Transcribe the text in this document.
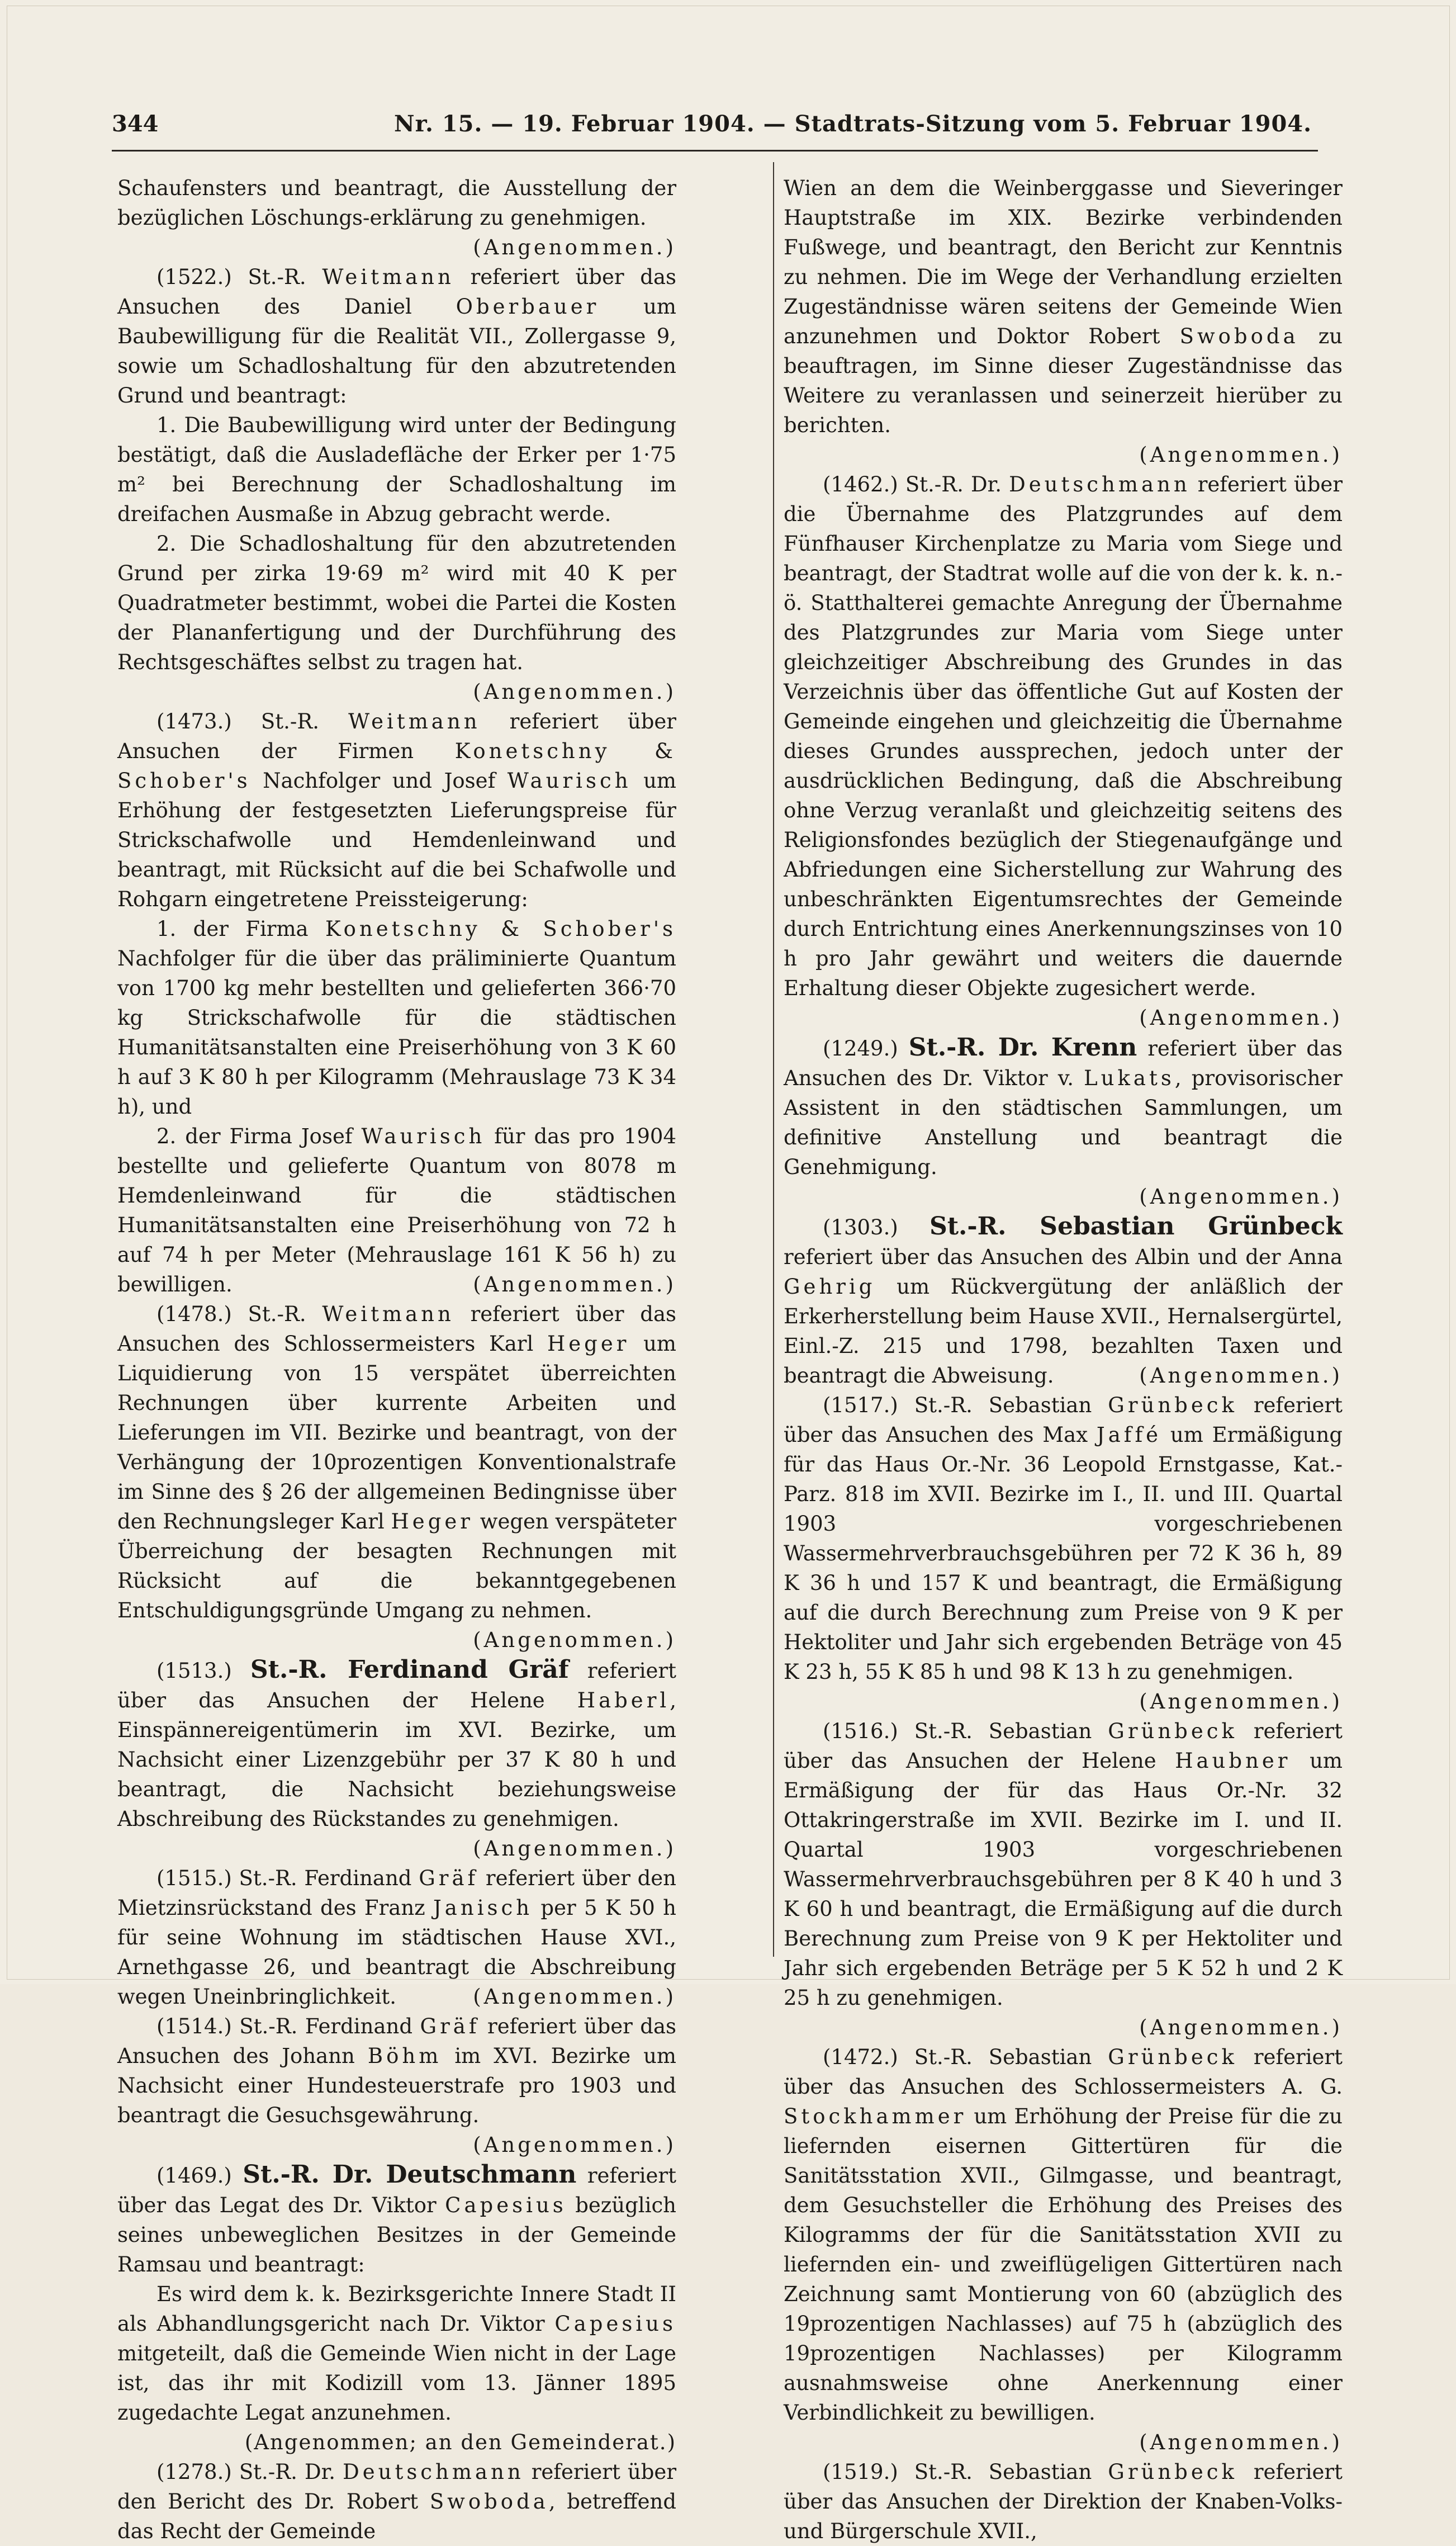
344	Nr. 15. — 19. Februar 1904. — Stadtrats-Sitzung vom 5. Februar 1904.

Schaufensters und beantragt, die Ausstellung der bezüglichen Löschungs-erklärung zu genehmigen.
(Angenommen.)

(1522.) St.-R. Weitmann referiert über das Ansuchen des Daniel Oberbauer um Baubewilligung für die Realität VII., Zollergasse 9, sowie um Schadloshaltung für den abzutretenden Grund und beantragt:

1. Die Baubewilligung wird unter der Bedingung bestätigt, daß die Ausladefläche der Erker per 1·75 m² bei Berechnung der Schadloshaltung im dreifachen Ausmaße in Abzug gebracht werde.

2. Die Schadloshaltung für den abzutretenden Grund per zirka 19·69 m² wird mit 40 K per Quadratmeter bestimmt, wobei die Partei die Kosten der Plananfertigung und der Durchführung des Rechtsgeschäftes selbst zu tragen hat.
(Angenommen.)

(1473.) St.-R. Weitmann referiert über Ansuchen der Firmen Konetschny & Schober's Nachfolger und Josef Waurisch um Erhöhung der festgesetzten Lieferungspreise für Strickschafwolle und Hemdenleinwand und beantragt, mit Rücksicht auf die bei Schafwolle und Rohgarn eingetretene Preissteigerung:

1. der Firma Konetschny & Schober's Nachfolger für die über das präliminierte Quantum von 1700 kg mehr bestellten und gelieferten 366·70 kg Strickschafwolle für die städtischen Humanitätsanstalten eine Preiserhöhung von 3 K 60 h auf 3 K 80 h per Kilogramm (Mehrauslage 73 K 34 h), und

2. der Firma Josef Waurisch für das pro 1904 bestellte und gelieferte Quantum von 8078 m Hemdenleinwand für die städtischen Humanitätsanstalten eine Preiserhöhung von 72 h auf 74 h per Meter (Mehrauslage 161 K 56 h) zu bewilligen.	(Angenommen.)

(1478.) St.-R. Weitmann referiert über das Ansuchen des Schlossermeisters Karl Heger um Liquidierung von 15 verspätet überreichten Rechnungen über kurrente Arbeiten und Lieferungen im VII. Bezirke und beantragt, von der Verhängung der 10prozentigen Konventionalstrafe im Sinne des § 26 der allgemeinen Bedingnisse über den Rechnungsleger Karl Heger wegen verspäteter Überreichung der besagten Rechnungen mit Rücksicht auf die bekanntgegebenen Entschuldigungsgründe Umgang zu nehmen.
(Angenommen.)

(1513.) St.-R. Ferdinand Gräf referiert über das Ansuchen der Helene Haberl, Einspännereigentümerin im XVI. Bezirke, um Nachsicht einer Lizenzgebühr per 37 K 80 h und beantragt, die Nachsicht beziehungsweise Abschreibung des Rückstandes zu genehmigen.

(Angenommen.)

(1515.) St.-R. Ferdinand Gräf referiert über den Mietzinsrückstand des Franz Janisch per 5 K 50 h für seine Wohnung im städtischen Hause XVI., Arnethgasse 26, und beantragt die Abschreibung wegen Uneinbringlichkeit.	(Angenommen.)

(1514.) St.-R. Ferdinand Gräf referiert über das Ansuchen des Johann Böhm im XVI. Bezirke um Nachsicht einer Hundesteuerstrafe pro 1903 und beantragt die Gesuchsgewährung.

(Angenommen.)

(1469.) St.-R. Dr. Deutschmann referiert über das Legat des Dr. Viktor Capesius bezüglich seines unbeweglichen Besitzes in der Gemeinde Ramsau und beantragt:

Es wird dem k. k. Bezirksgerichte Innere Stadt II als Abhandlungsgericht nach Dr. Viktor Capesius mitgeteilt, daß die Gemeinde Wien nicht in der Lage ist, das ihr mit Kodizill vom 13. Jänner 1895 zugedachte Legat anzunehmen.

(Angenommen; an den Gemeinderat.)

(1278.) St.-R. Dr. Deutschmann referiert über den Bericht des Dr. Robert Swoboda, betreffend das Recht der Gemeinde

Wien an dem die Weinberggasse und Sieveringer Hauptstraße im XIX. Bezirke verbindenden Fußwege, und beantragt, den Bericht zur Kenntnis zu nehmen. Die im Wege der Verhandlung erzielten Zugeständnisse wären seitens der Gemeinde Wien anzunehmen und Doktor Robert Swoboda zu beauftragen, im Sinne dieser Zugeständnisse das Weitere zu veranlassen und seinerzeit hierüber zu berichten.

(Angenommen.)

(1462.) St.-R. Dr. Deutschmann referiert über die Übernahme des Platzgrundes auf dem Fünfhauser Kirchenplatze zu Maria vom Siege und beantragt, der Stadtrat wolle auf die von der k. k. n.-ö. Statthalterei gemachte Anregung der Übernahme des Platzgrundes zur Maria vom Siege unter gleichzeitiger Abschreibung des Grundes in das Verzeichnis über das öffentliche Gut auf Kosten der Gemeinde eingehen und gleichzeitig die Übernahme dieses Grundes aussprechen, jedoch unter der ausdrücklichen Bedingung, daß die Abschreibung ohne Verzug veranlaßt und gleichzeitig seitens des Religionsfondes bezüglich der Stiegenaufgänge und Abfriedungen eine Sicherstellung zur Wahrung des unbeschränkten Eigentumsrechtes der Gemeinde durch Entrichtung eines Anerkennungszinses von 10 h pro Jahr gewährt und weiters die dauernde Erhaltung dieser Objekte zugesichert werde.
(Angenommen.)

(1249.) St.-R. Dr. Krenn referiert über das Ansuchen des Dr. Viktor v. Lukats, provisorischer Assistent in den städtischen Sammlungen, um definitive Anstellung und beantragt die Genehmigung.

(Angenommen.)

(1303.) St.-R. Sebastian Grünbeck referiert über das Ansuchen des Albin und der Anna Gehrig um Rückvergütung der anläßlich der Erkerherstellung beim Hause XVII., Hernalsergürtel, Einl.-Z. 215 und 1798, bezahlten Taxen und beantragt die Abweisung.	(Angenommen.)

(1517.) St.-R. Sebastian Grünbeck referiert über das Ansuchen des Max Jaffé um Ermäßigung für das Haus Or.-Nr. 36 Leopold Ernstgasse, Kat.-Parz. 818 im XVII. Bezirke im I., II. und III. Quartal 1903 vorgeschriebenen Wassermehrverbrauchsgebühren per 72 K 36 h, 89 K 36 h und 157 K und beantragt, die Ermäßigung auf die durch Berechnung zum Preise von 9 K per Hektoliter und Jahr sich ergebenden Beträge von 45 K 23 h, 55 K 85 h und 98 K 13 h zu genehmigen.
(Angenommen.)

(1516.) St.-R. Sebastian Grünbeck referiert über das Ansuchen der Helene Haubner um Ermäßigung der für das Haus Or.-Nr. 32 Ottakringerstraße im XVII. Bezirke im I. und II. Quartal 1903 vorgeschriebenen Wassermehrverbrauchsgebühren per 8 K 40 h und 3 K 60 h und beantragt, die Ermäßigung auf die durch Berechnung zum Preise von 9 K per Hektoliter und Jahr sich ergebenden Beträge per 5 K 52 h und 2 K 25 h zu genehmigen.

(Angenommen.)

(1472.) St.-R. Sebastian Grünbeck referiert über das Ansuchen des Schlossermeisters A. G. Stockhammer um Erhöhung der Preise für die zu liefernden eisernen Gittertüren für die Sanitätsstation XVII., Gilmgasse, und beantragt, dem Gesuchsteller die Erhöhung des Preises des Kilogramms der für die Sanitätsstation XVII zu liefernden ein- und zweiflügeligen Gittertüren nach Zeichnung samt Montierung von 60 (abzüglich des 19prozentigen Nachlasses) auf 75 h (abzüglich des 19prozentigen Nachlasses) per Kilogramm ausnahmsweise ohne Anerkennung einer Verbindlichkeit zu bewilligen.

(Angenommen.)

(1519.) St.-R. Sebastian Grünbeck referiert über das Ansuchen der Direktion der Knaben-Volks- und Bürgerschule XVII.,
